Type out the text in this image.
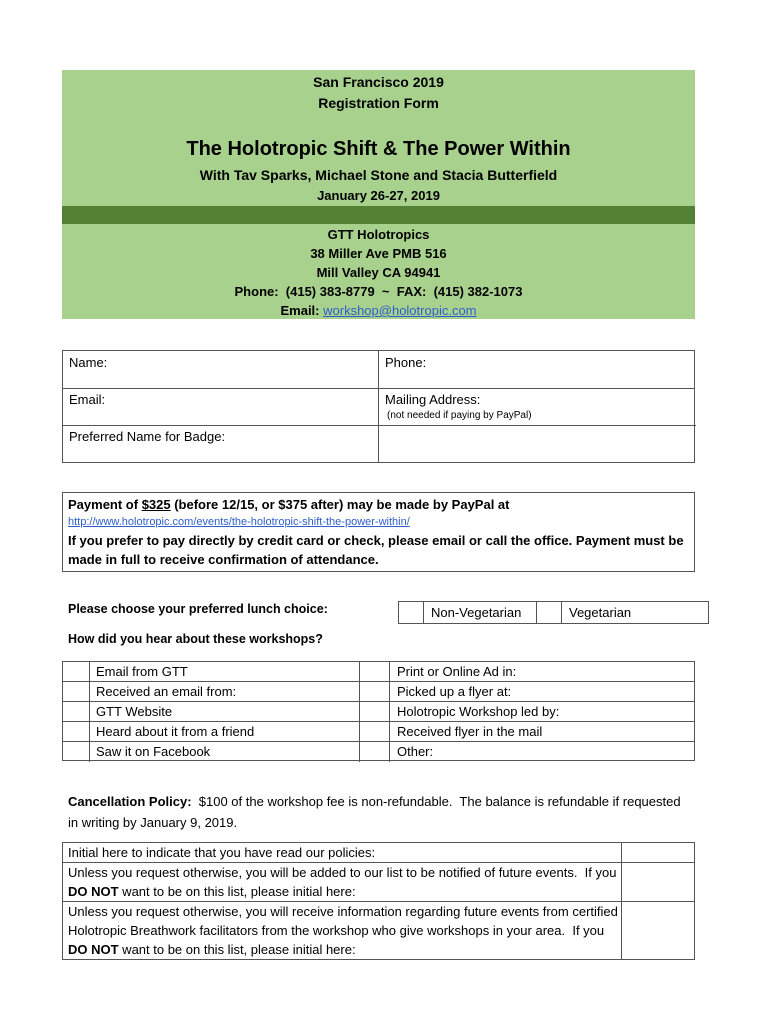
San Francisco 2019
Registration Form
The Holotropic Shift & The Power Within
With Tav Sparks, Michael Stone and Stacia Butterfield
January 26-27, 2019
GTT Holotropics
38 Miller Ave PMB 516
Mill Valley CA 94941
Phone:  (415) 383-8779  ~  FAX:  (415) 382-1073
Email: workshop@holotropic.com
Name:	Phone:
Email:	Mailing Address:
(not needed if paying by PayPal)
Preferred Name for Badge:
Payment of $325 (before 12/15, or $375 after) may be made by PayPal at
http://www.holotropic.com/events/the-holotropic-shift-the-power-within/
If you prefer to pay directly by credit card or check, please email or call the office. Payment must be made in full to receive confirmation of attendance.
Please choose your preferred lunch choice:	Non-Vegetarian	Vegetarian
How did you hear about these workshops?
Email from GTT	Print or Online Ad in:
Received an email from:	Picked up a flyer at:
GTT Website	Holotropic Workshop led by:
Heard about it from a friend	Received flyer in the mail
Saw it on Facebook	Other:
Cancellation Policy:  $100 of the workshop fee is non-refundable.  The balance is refundable if requested in writing by January 9, 2019.
Initial here to indicate that you have read our policies:
Unless you request otherwise, you will be added to our list to be notified of future events.  If you DO NOT want to be on this list, please initial here:
Unless you request otherwise, you will receive information regarding future events from certified Holotropic Breathwork facilitators from the workshop who give workshops in your area.  If you DO NOT want to be on this list, please initial here:
